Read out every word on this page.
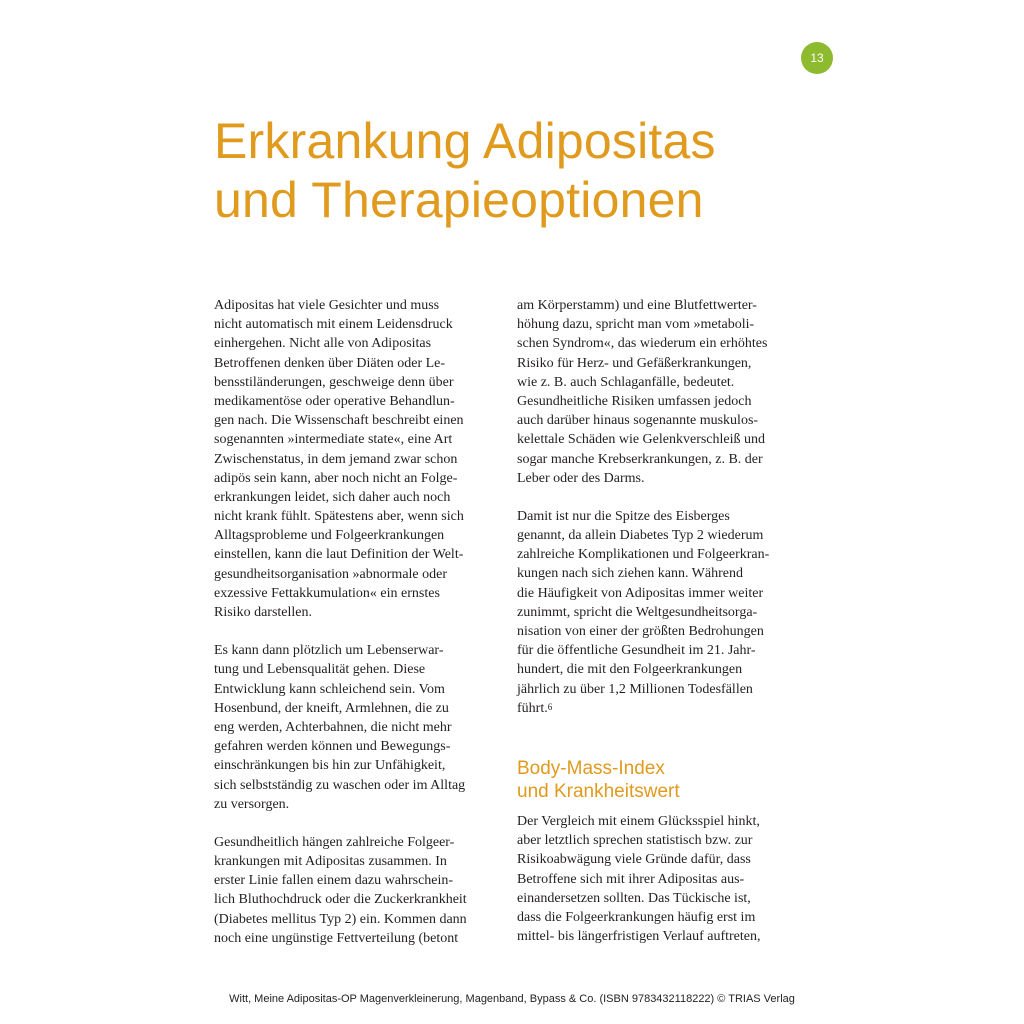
13
Erkrankung Adipositas
und Therapieoptionen

Adipositas hat viele Gesichter und muss
nicht automatisch mit einem Leidensdruck
einhergehen. Nicht alle von Adipositas
Betroffenen denken über Diäten oder Le-
bensstiländerungen, geschweige denn über
medikamentöse oder operative Behandlun-
gen nach. Die Wissenschaft beschreibt einen
sogenannten »intermediate state«, eine Art
Zwischenstatus, in dem jemand zwar schon
adipös sein kann, aber noch nicht an Folge-
erkrankungen leidet, sich daher auch noch
nicht krank fühlt. Spätestens aber, wenn sich
Alltagsprobleme und Folgeerkrankungen
einstellen, kann die laut Definition der Welt-
gesundheitsorganisation »abnormale oder
exzessive Fettakkumulation« ein ernstes
Risiko darstellen.

Es kann dann plötzlich um Lebenserwar-
tung und Lebensqualität gehen. Diese
Entwicklung kann schleichend sein. Vom
Hosenbund, der kneift, Armlehnen, die zu
eng werden, Achterbahnen, die nicht mehr
gefahren werden können und Bewegungs-
einschränkungen bis hin zur Unfähigkeit,
sich selbstständig zu waschen oder im Alltag
zu versorgen.

Gesundheitlich hängen zahlreiche Folgeer-
krankungen mit Adipositas zusammen. In
erster Linie fallen einem dazu wahrschein-
lich Bluthochdruck oder die Zuckerkrankheit
(Diabetes mellitus Typ 2) ein. Kommen dann
noch eine ungünstige Fettverteilung (betont

am Körperstamm) und eine Blutfettwerter-
höhung dazu, spricht man vom »metaboli-
schen Syndrom«, das wiederum ein erhöhtes
Risiko für Herz- und Gefäßerkrankungen,
wie z. B. auch Schlaganfälle, bedeutet.
Gesundheitliche Risiken umfassen jedoch
auch darüber hinaus sogenannte muskulos-
kelettale Schäden wie Gelenkverschleiß und
sogar manche Krebserkrankungen, z. B. der
Leber oder des Darms.

Damit ist nur die Spitze des Eisberges
genannt, da allein Diabetes Typ 2 wiederum
zahlreiche Komplikationen und Folgeerkran-
kungen nach sich ziehen kann. Während
die Häufigkeit von Adipositas immer weiter
zunimmt, spricht die Weltgesundheitsorga-
nisation von einer der größten Bedrohungen
für die öffentliche Gesundheit im 21. Jahr-
hundert, die mit den Folgeerkrankungen
jährlich zu über 1,2 Millionen Todesfällen
führt.$^6$

Body-Mass-Index
und Krankheitswert

Der Vergleich mit einem Glücksspiel hinkt,
aber letztlich sprechen statistisch bzw. zur
Risikoabwägung viele Gründe dafür, dass
Betroffene sich mit ihrer Adipositas aus-
einandersetzen sollten. Das Tückische ist,
dass die Folgeerkrankungen häufig erst im
mittel- bis längerfristigen Verlauf auftreten,

Witt, Meine Adipositas-OP Magenverkleinerung, Magenband, Bypass & Co. (ISBN 9783432118222) © TRIAS Verlag
